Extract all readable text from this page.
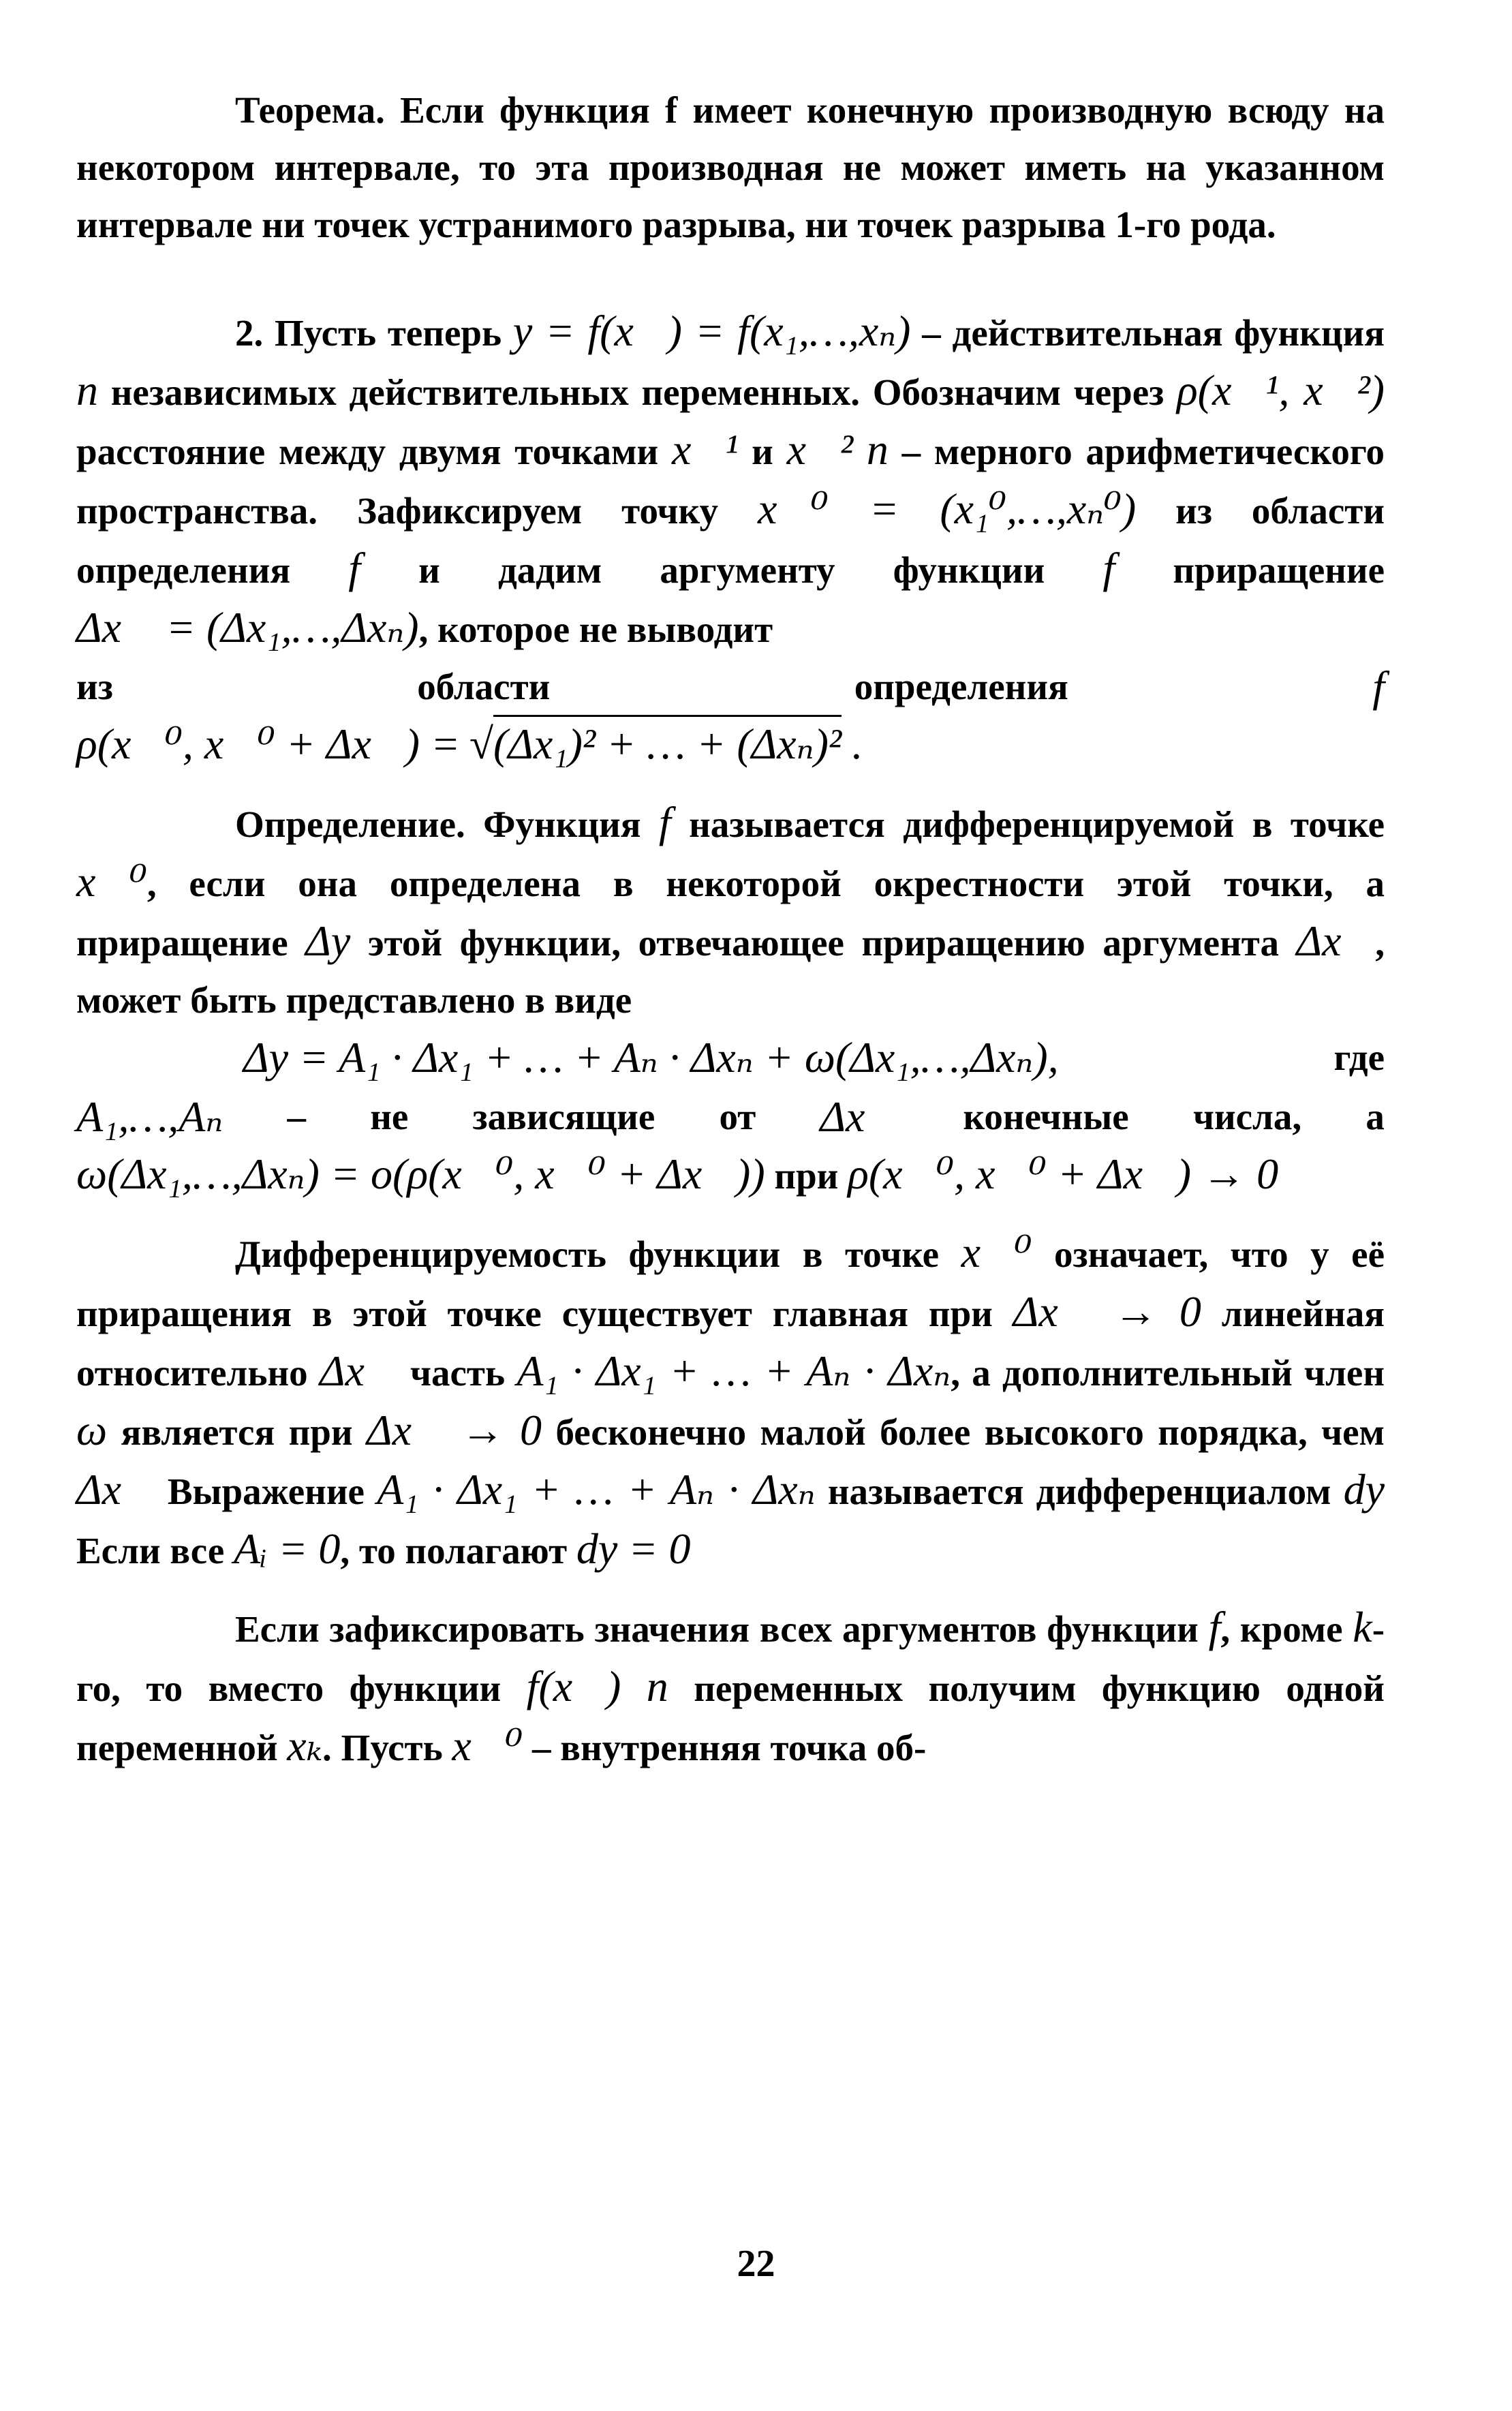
Теорема. Если функция f имеет конечную производную всюду на некотором интервале, то эта производная не может иметь на указанном интервале ни точек устранимого разрыва, ни точек разрыва 1-го рода.

2. Пусть теперь y = f(x⃗) = f(x₁,…,xₙ) – действительная функция n независимых действительных переменных. Обозначим через ρ(x⃗¹, x⃗²) расстояние между двумя точками x⃗¹ и x⃗² n – мерного арифметического пространства. Зафиксируем точку x⃗⁰ = (x₁⁰,…,xₙ⁰) из области определения f и дадим аргументу функции f приращение Δx⃗ = (Δx₁,…,Δxₙ), которое не выводит

из	области	определения	f
ρ(x⃗⁰, x⃗⁰ + Δx⃗) = √(Δx₁)² + … + (Δxₙ)² .

Определение. Функция f называется дифференцируемой в точке x⃗⁰, если она определена в некоторой окрестности этой точки, а приращение Δy этой функции, отвечающее приращению аргумента Δx⃗, может быть представлено в виде

Δy = A₁ · Δx₁ + … + Aₙ · Δxₙ + ω(Δx₁,…,Δxₙ),	где
A₁,…,Aₙ – не зависящие от Δx⃗ конечные числа, а
ω(Δx₁,…,Δxₙ) = o(ρ(x⃗⁰, x⃗⁰ + Δx⃗)) при ρ(x⃗⁰, x⃗⁰ + Δx⃗) → 0

Дифференцируемость функции в точке x⃗⁰ означает, что у её приращения в этой точке существует главная при Δx⃗ → 0 линейная относительно Δx⃗ часть A₁ · Δx₁ + … + Aₙ · Δxₙ, а дополнительный член ω является при Δx⃗ → 0 бесконечно малой более высокого порядка, чем Δx⃗ Выражение A₁ · Δx₁ + … + Aₙ · Δxₙ называется дифференциалом dy Если все Aᵢ = 0, то полагают dy = 0

Если зафиксировать значения всех аргументов функции f, кроме k-го, то вместо функции f(x⃗) n переменных получим функцию одной переменной xₖ. Пусть x⃗⁰ – внутренняя точка об-

22
